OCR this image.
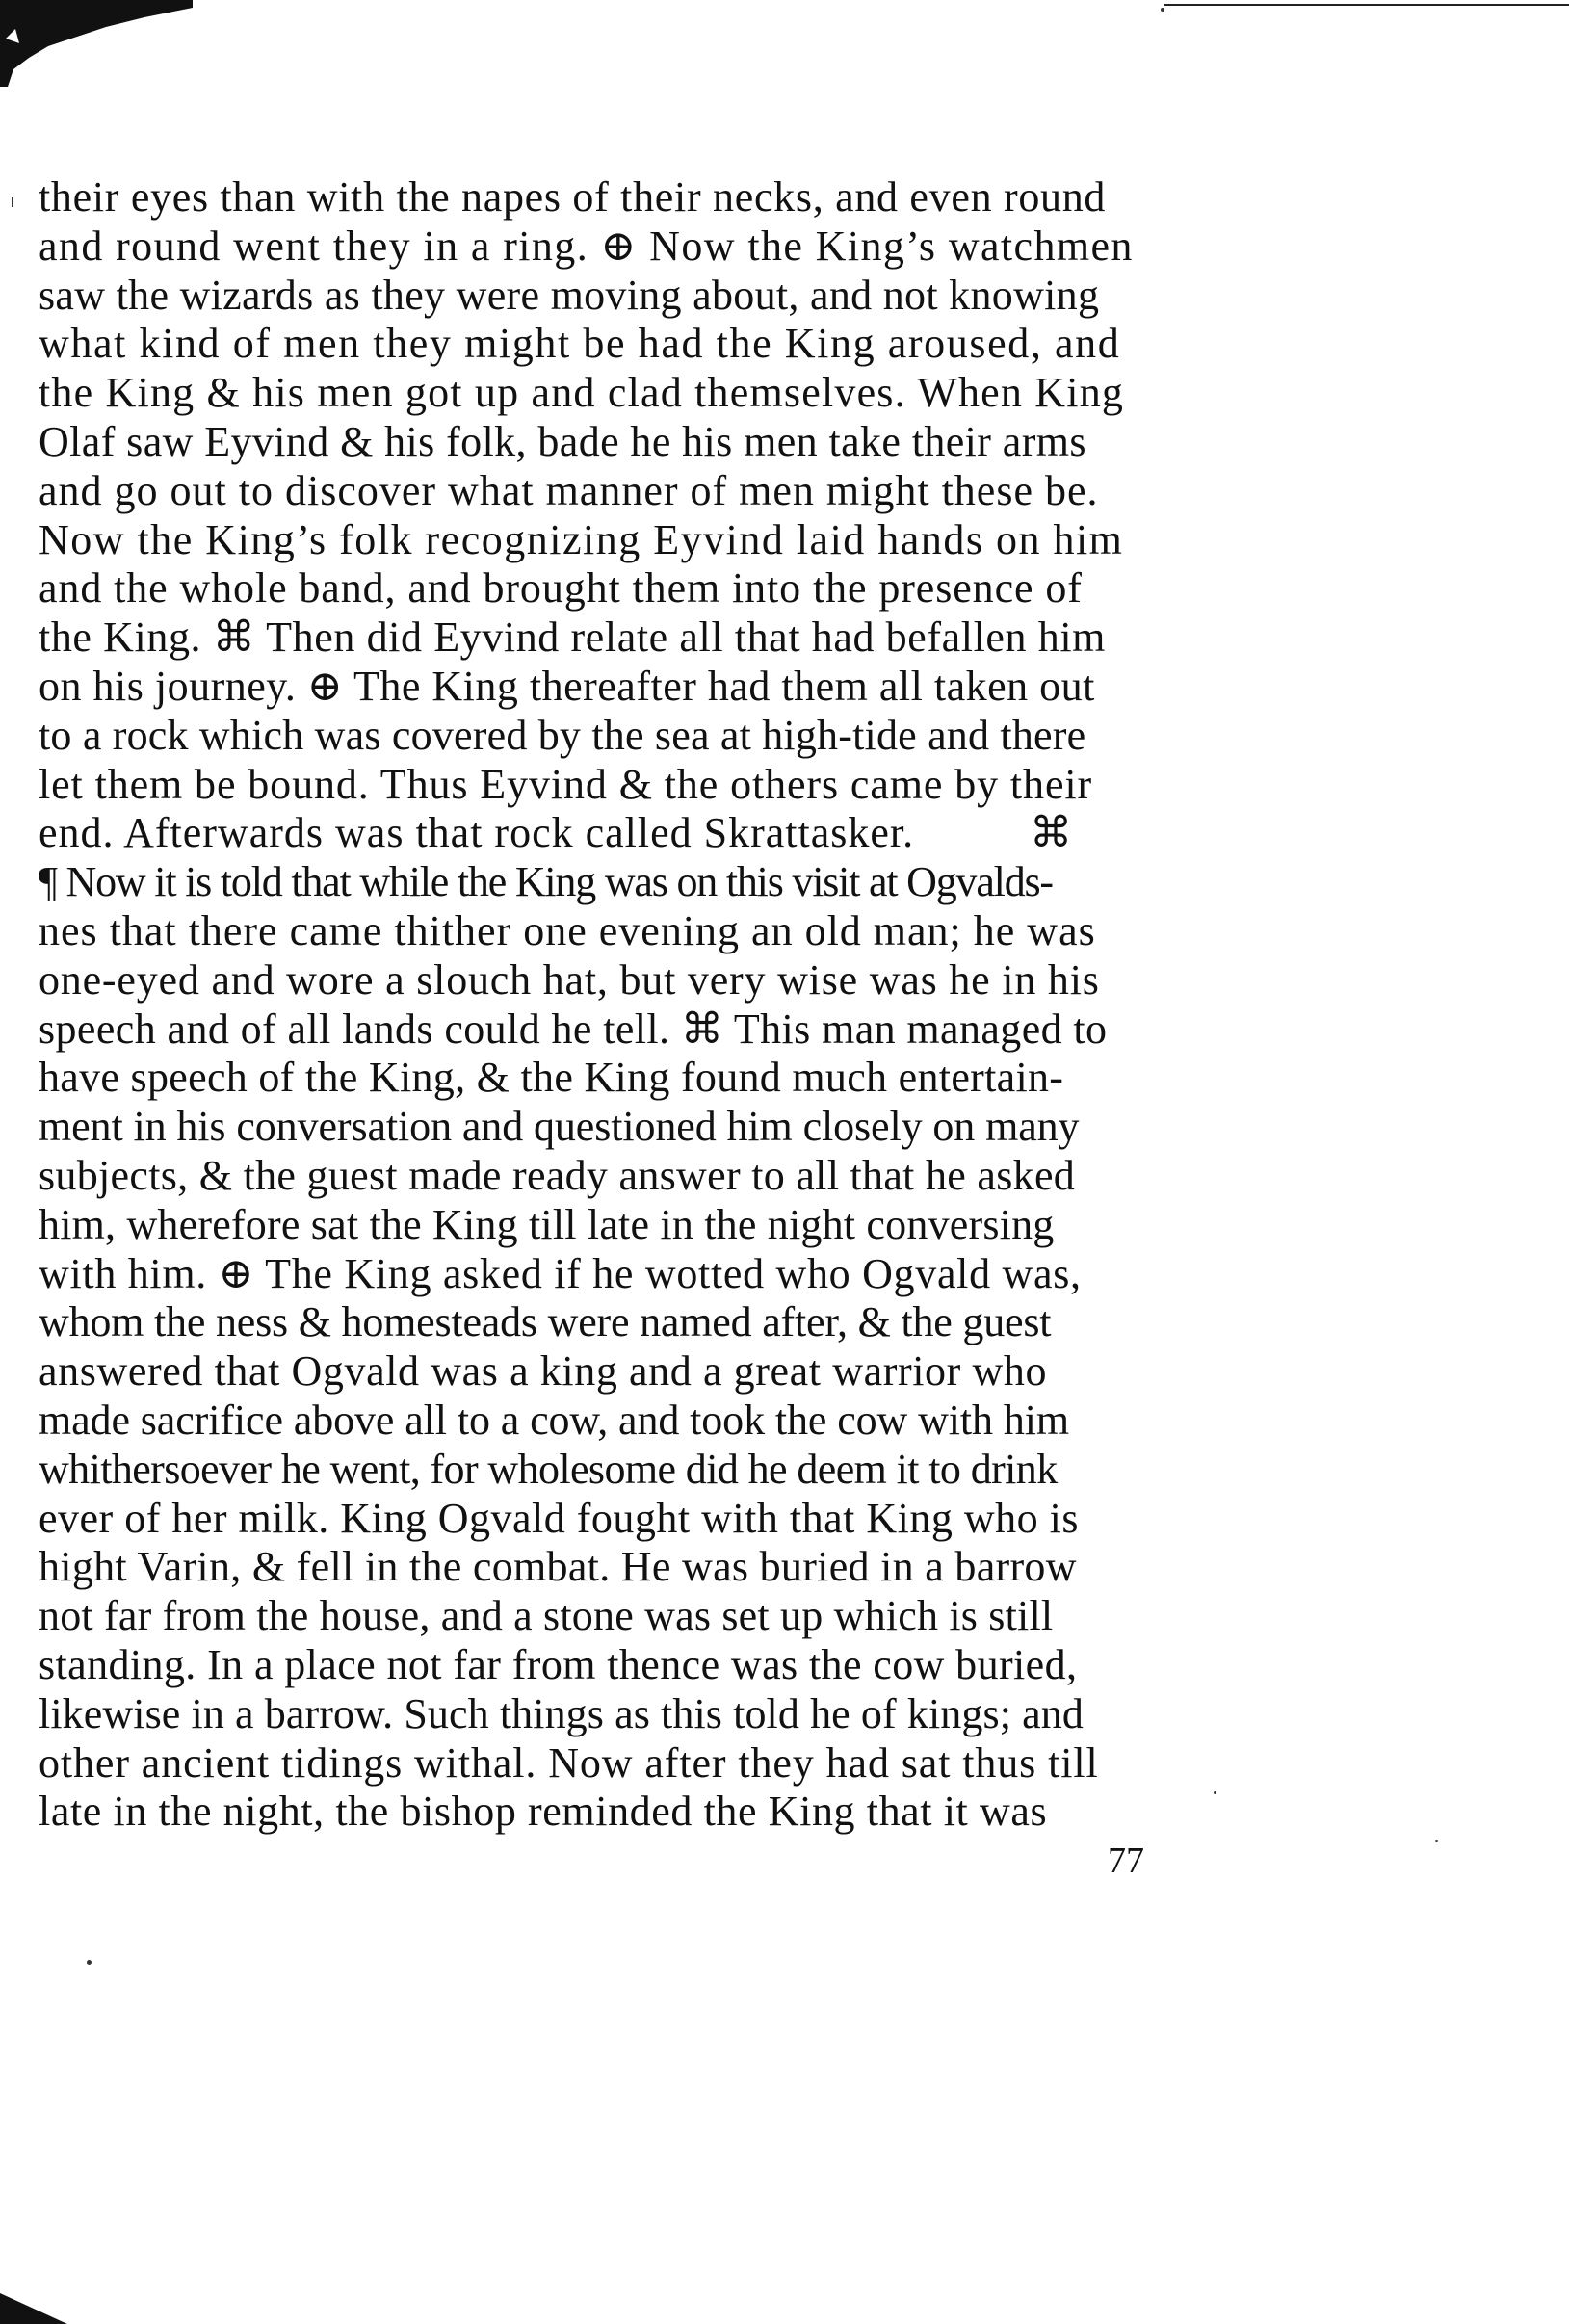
their eyes than with the napes of their necks, and even round
and round went they in a ring. ⊕ Now the King’s watchmen
saw the wizards as they were moving about, and not knowing
what kind of men they might be had the King aroused, and
the King & his men got up and clad themselves. When King
Olaf saw Eyvind & his folk, bade he his men take their arms
and go out to discover what manner of men might these be.
Now the King’s folk recognizing Eyvind laid hands on him
and the whole band, and brought them into the presence of
the King. ⌘ Then did Eyvind relate all that had befallen him
on his journey. ⊕ The King thereafter had them all taken out
to a rock which was covered by the sea at high-tide and there
let them be bound. Thus Eyvind & the others came by their
end. Afterwards was that rock called Skrattasker.          ⌘
¶ Now it is told that while the King was on this visit at Ogvalds-
nes that there came thither one evening an old man; he was
one-eyed and wore a slouch hat, but very wise was he in his
speech and of all lands could he tell. ⌘ This man managed to
have speech of the King, & the King found much entertain-
ment in his conversation and questioned him closely on many
subjects, & the guest made ready answer to all that he asked
him, wherefore sat the King till late in the night conversing
with him. ⊕ The King asked if he wotted who Ogvald was,
whom the ness & homesteads were named after, & the guest
answered that Ogvald was a king and a great warrior who
made sacrifice above all to a cow, and took the cow with him
whithersoever he went, for wholesome did he deem it to drink
ever of her milk. King Ogvald fought with that King who is
hight Varin, & fell in the combat. He was buried in a barrow
not far from the house, and a stone was set up which is still
standing. In a place not far from thence was the cow buried,
likewise in a barrow. Such things as this told he of kings; and
other ancient tidings withal. Now after they had sat thus till
late in the night, the bishop reminded the King that it was
77
